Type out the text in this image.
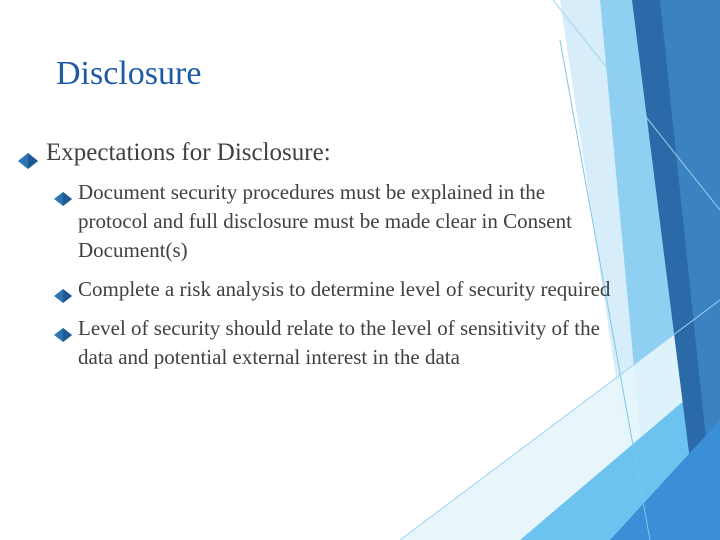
Disclosure
Expectations for Disclosure:
Document security procedures must be explained in the protocol and full disclosure must be made clear in Consent Document(s)
Complete a risk analysis to determine level of security required
Level of security should relate to the level of sensitivity of the data and potential external interest in the data
